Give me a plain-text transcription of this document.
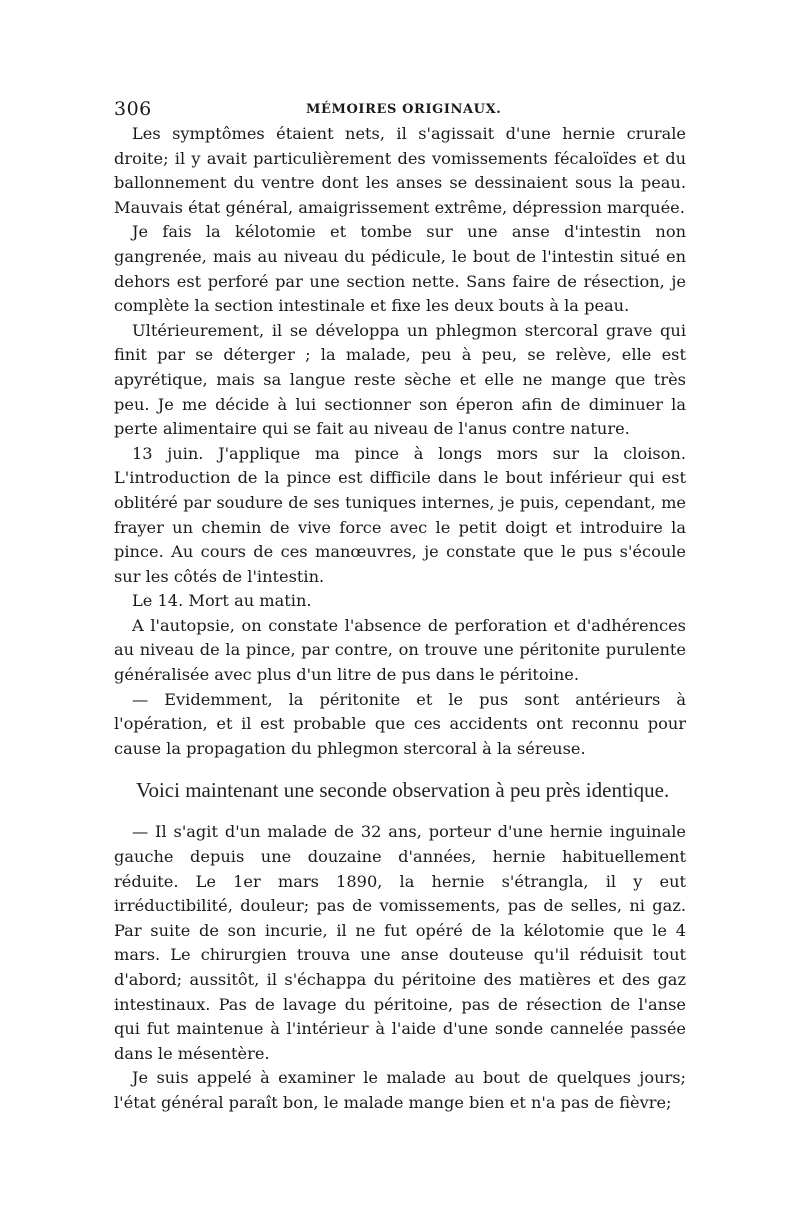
306	MÉMOIRES ORIGINAUX.

Les symptômes étaient nets, il s'agissait d'une hernie crurale droite; il y avait particulièrement des vomissements fécaloïdes et du ballonnement du ventre dont les anses se dessinaient sous la peau. Mauvais état général, amaigrissement extrême, dépression marquée.

Je fais la kélotomie et tombe sur une anse d'intestin non gangrenée, mais au niveau du pédicule, le bout de l'intestin situé en dehors est perforé par une section nette. Sans faire de résection, je complète la section intestinale et fixe les deux bouts à la peau.

Ultérieurement, il se développa un phlegmon stercoral grave qui finit par se déterger ; la malade, peu à peu, se relève, elle est apyrétique, mais sa langue reste sèche et elle ne mange que très peu. Je me décide à lui sectionner son éperon afin de diminuer la perte alimentaire qui se fait au niveau de l'anus contre nature.

13 juin. J'applique ma pince à longs mors sur la cloison. L'introduction de la pince est difficile dans le bout inférieur qui est oblitéré par soudure de ses tuniques internes, je puis, cependant, me frayer un chemin de vive force avec le petit doigt et introduire la pince. Au cours de ces manœuvres, je constate que le pus s'écoule sur les côtés de l'intestin.

Le 14. Mort au matin.

A l'autopsie, on constate l'absence de perforation et d'adhérences au niveau de la pince, par contre, on trouve une péritonite purulente généralisée avec plus d'un litre de pus dans le péritoine.

— Evidemment, la péritonite et le pus sont antérieurs à l'opération, et il est probable que ces accidents ont reconnu pour cause la propagation du phlegmon stercoral à la séreuse.

Voici maintenant une seconde observation à peu près identique.

— Il s'agit d'un malade de 32 ans, porteur d'une hernie inguinale gauche depuis une douzaine d'années, hernie habituellement réduite. Le 1er mars 1890, la hernie s'étrangla, il y eut irréductibilité, douleur; pas de vomissements, pas de selles, ni gaz. Par suite de son incurie, il ne fut opéré de la kélotomie que le 4 mars. Le chirurgien trouva une anse douteuse qu'il réduisit tout d'abord; aussitôt, il s'échappa du péritoine des matières et des gaz intestinaux. Pas de lavage du péritoine, pas de résection de l'anse qui fut maintenue à l'intérieur à l'aide d'une sonde cannelée passée dans le mésentère.

Je suis appelé à examiner le malade au bout de quelques jours; l'état général paraît bon, le malade mange bien et n'a pas de fièvre;
